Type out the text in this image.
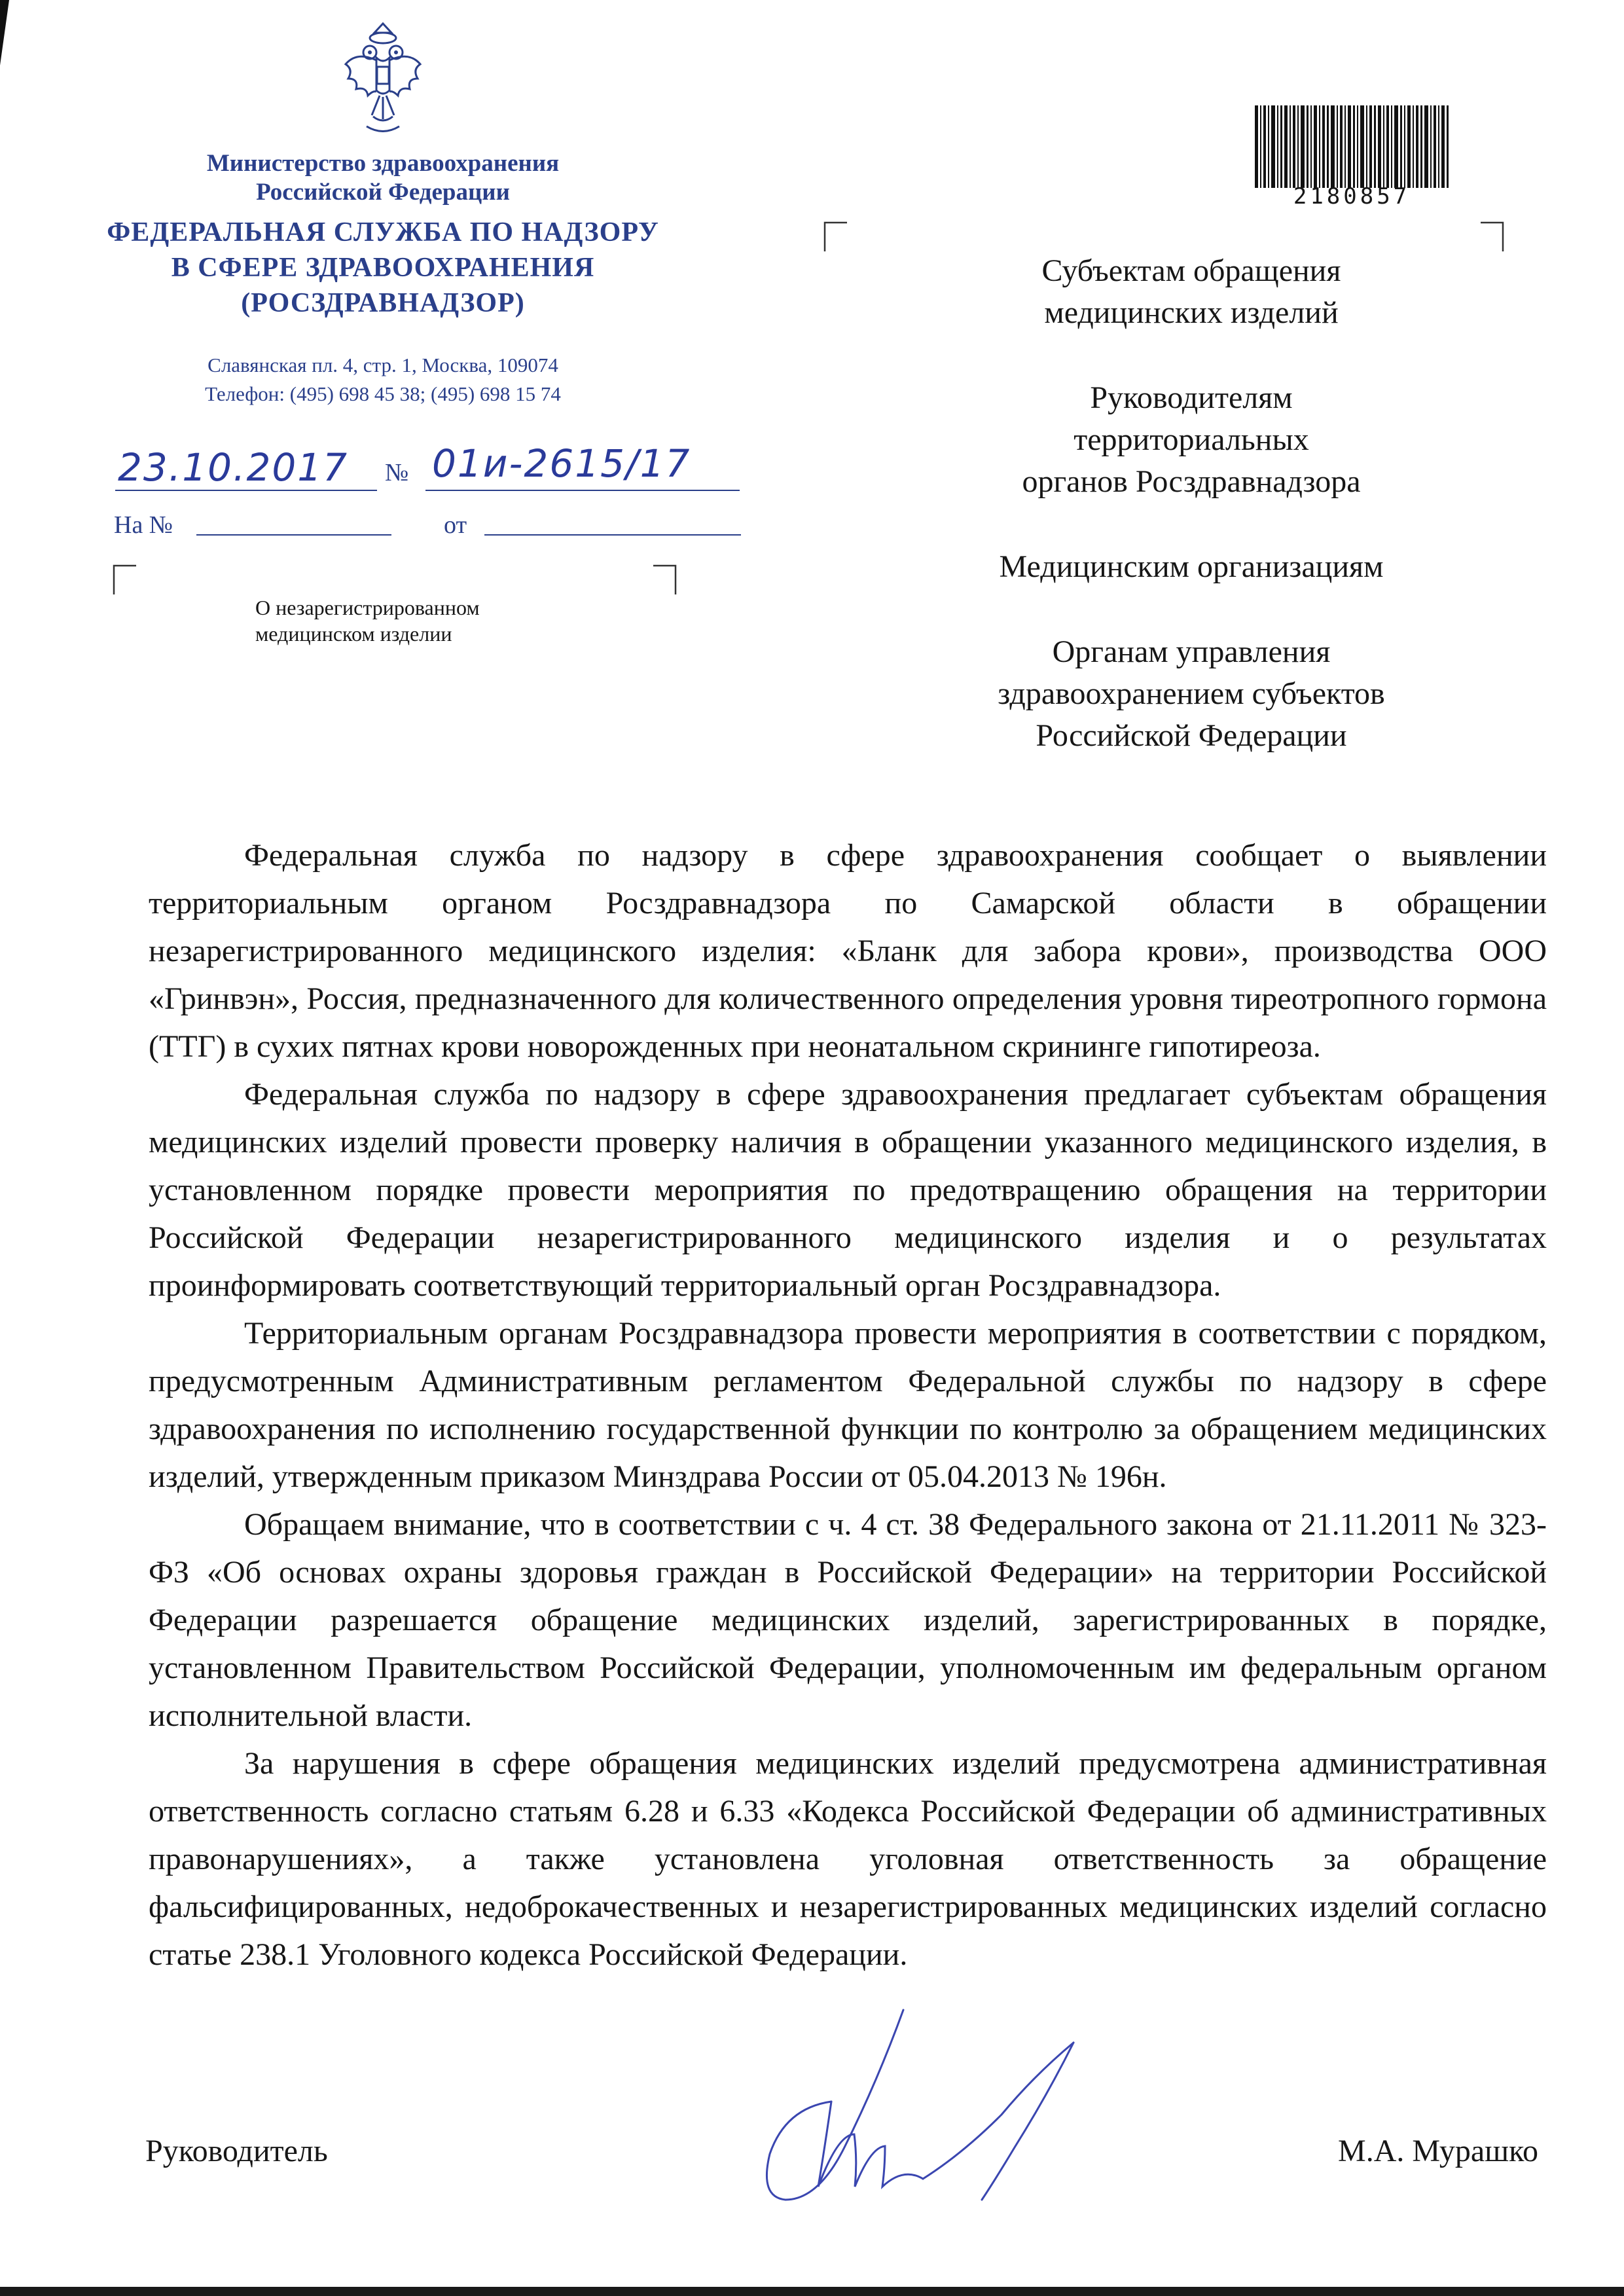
Министерство здравоохранения
Российской Федерации
ФЕДЕРАЛЬНАЯ СЛУЖБА ПО НАДЗОРУ
В СФЕРЕ ЗДРАВООХРАНЕНИЯ
(РОСЗДРАВНАДЗОР)
Славянская пл. 4, стр. 1, Москва, 109074
Телефон: (495) 698 45 38; (495) 698 15 74
23.10.2017 № 01и-2615/17
На №	от
О незарегистрированном
медицинском изделии
2180857

Субъектам обращения
медицинских изделий

Руководителям
территориальных
органов Росздравнадзора

Медицинским организациям

Органам управления
здравоохранением субъектов
Российской Федерации

Федеральная служба по надзору в сфере здравоохранения сообщает о выявлении территориальным органом Росздравнадзора по Самарской области в обращении незарегистрированного медицинского изделия: «Бланк для забора крови», производства ООО «Гринвэн», Россия, предназначенного для количественного определения уровня тиреотропного гормона (ТТГ) в сухих пятнах крови новорожденных при неонатальном скрининге гипотиреоза.

Федеральная служба по надзору в сфере здравоохранения предлагает субъектам обращения медицинских изделий провести проверку наличия в обращении указанного медицинского изделия, в установленном порядке провести мероприятия по предотвращению обращения на территории Российской Федерации незарегистрированного медицинского изделия и о результатах проинформировать соответствующий территориальный орган Росздравнадзора.

Территориальным органам Росздравнадзора провести мероприятия в соответствии с порядком, предусмотренным Административным регламентом Федеральной службы по надзору в сфере здравоохранения по исполнению государственной функции по контролю за обращением медицинских изделий, утвержденным приказом Минздрава России от 05.04.2013 № 196н.

Обращаем внимание, что в соответствии с ч. 4 ст. 38 Федерального закона от 21.11.2011 № 323-ФЗ «Об основах охраны здоровья граждан в Российской Федерации» на территории Российской Федерации разрешается обращение медицинских изделий, зарегистрированных в порядке, установленном Правительством Российской Федерации, уполномоченным им федеральным органом исполнительной власти.

За нарушения в сфере обращения медицинских изделий предусмотрена административная ответственность согласно статьям 6.28 и 6.33 «Кодекса Российской Федерации об административных правонарушениях», а также установлена уголовная ответственность за обращение фальсифицированных, недоброкачественных и незарегистрированных медицинских изделий согласно статье 238.1 Уголовного кодекса Российской Федерации.

Руководитель	М.А. Мурашко
